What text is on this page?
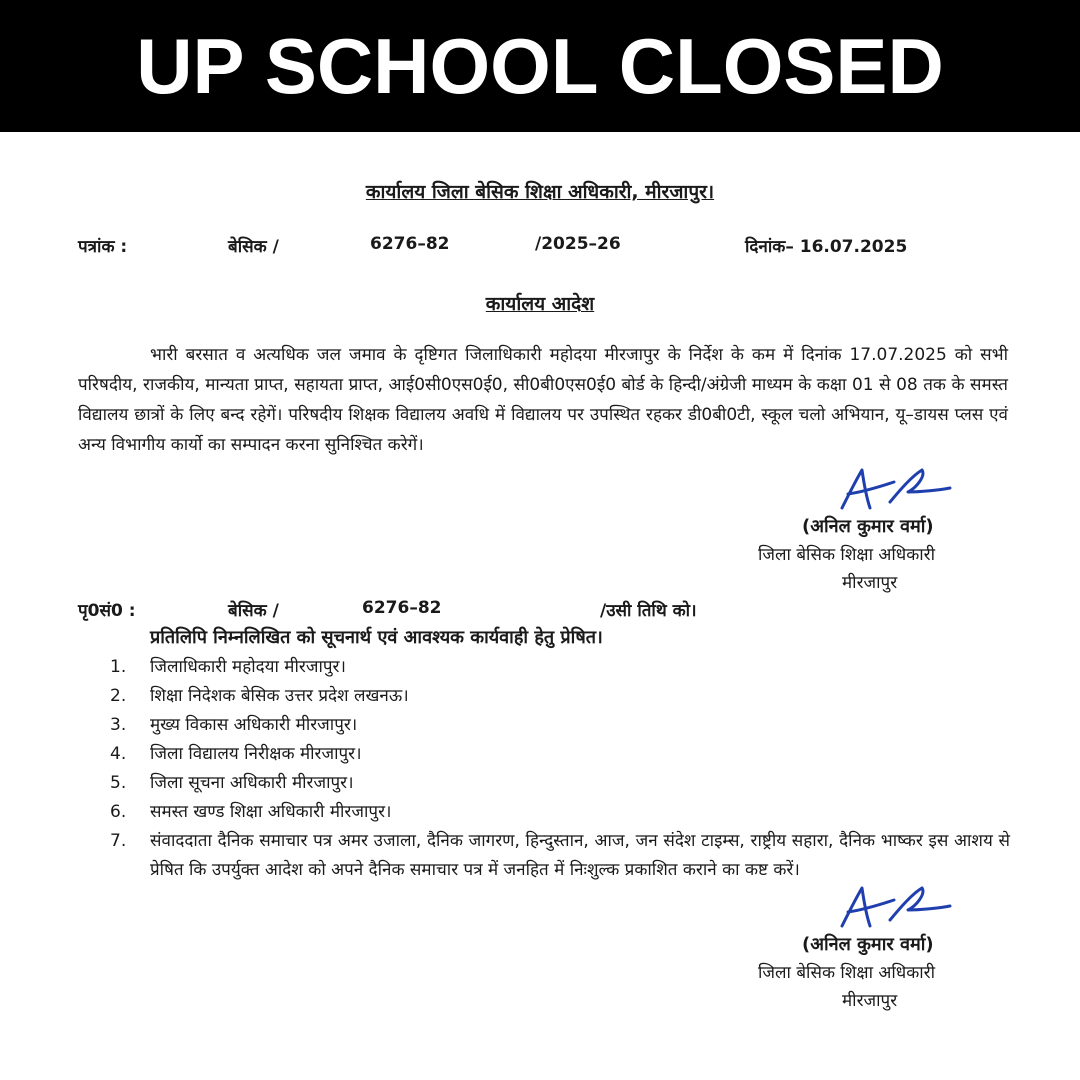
UP SCHOOL CLOSED
कार्यालय जिला बेसिक शिक्षा अधिकारी, मीरजापुर।
पत्रांक :	बेसिक /	6276–82	/2025–26	दिनांक– 16.07.2025
कार्यालय आदेश
भारी बरसात व अत्यधिक जल जमाव के दृष्टिगत जिलाधिकारी महोदया मीरजापुर के निर्देश के कम में दिनांक 17.07.2025 को सभी परिषदीय, राजकीय, मान्यता प्राप्त, सहायता प्राप्त, आई0सी0एस0ई0, सी0बी0एस0ई0 बोर्ड के हिन्दी/अंग्रेजी माध्यम के कक्षा 01 से 08 तक के समस्त विद्यालय छात्रों के लिए बन्द रहेगें। परिषदीय शिक्षक विद्यालय अवधि में विद्यालय पर उपस्थित रहकर डी0बी0टी, स्कूल चलो अभियान, यू–डायस प्लस एवं अन्य विभागीय कार्यो का सम्पादन करना सुनिश्चित करेगें।
(अनिल कुमार वर्मा)
जिला बेसिक शिक्षा अधिकारी
मीरजापुर
पृ0सं0 :	बेसिक /	6276–82	/उसी तिथि को।
प्रतिलिपि निम्नलिखित को सूचनार्थ एवं आवश्यक कार्यवाही हेतु प्रेषित।
1.	जिलाधिकारी महोदया मीरजापुर।
2.	शिक्षा निदेशक बेसिक उत्तर प्रदेश लखनऊ।
3.	मुख्य विकास अधिकारी मीरजापुर।
4.	जिला विद्यालय निरीक्षक मीरजापुर।
5.	जिला सूचना अधिकारी मीरजापुर।
6.	समस्त खण्ड शिक्षा अधिकारी मीरजापुर।
7.	संवाददाता दैनिक समाचार पत्र अमर उजाला, दैनिक जागरण, हिन्दुस्तान, आज, जन संदेश टाइम्स, राष्ट्रीय सहारा, दैनिक भाष्कर इस आशय से प्रेषित कि उपर्युक्त आदेश को अपने दैनिक समाचार पत्र में जनहित में निःशुल्क प्रकाशित कराने का कष्ट करें।
(अनिल कुमार वर्मा)
जिला बेसिक शिक्षा अधिकारी
मीरजापुर
